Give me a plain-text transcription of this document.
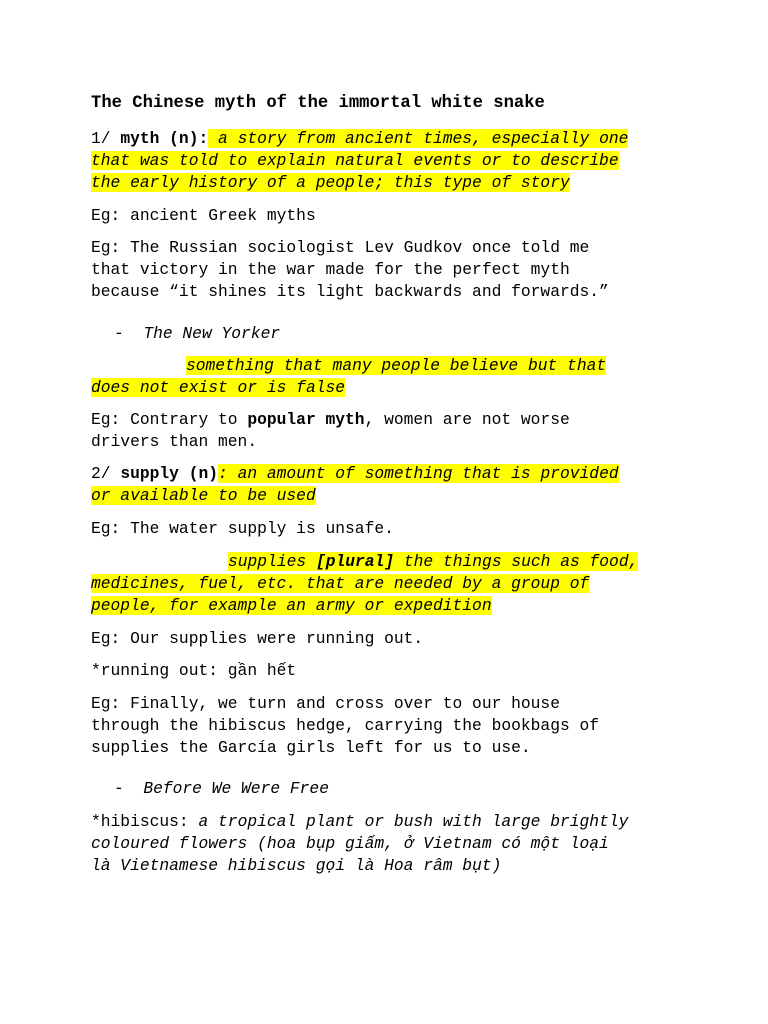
The Chinese myth of the immortal white snake
1/ myth (n): a story from ancient times, especially one
that was told to explain natural events or to describe
the early history of a people; this type of story
Eg: ancient Greek myths
Eg: The Russian sociologist Lev Gudkov once told me
that victory in the war made for the perfect myth
because “it shines its light backwards and forwards.”
- The New Yorker
something that many people believe but that
does not exist or is false
Eg: Contrary to popular myth, women are not worse
drivers than men.
2/ supply (n): an amount of something that is provided
or available to be used
Eg: The water supply is unsafe.
supplies [plural] the things such as food,
medicines, fuel, etc. that are needed by a group of
people, for example an army or expedition
Eg: Our supplies were running out.
*running out: gần hết
Eg: Finally, we turn and cross over to our house
through the hibiscus hedge, carrying the bookbags of
supplies the García girls left for us to use.
- Before We Were Free
*hibiscus: a tropical plant or bush with large brightly
coloured flowers (hoa bụp giấm, ở Vietnam có một loại
là Vietnamese hibiscus gọi là Hoa râm bụt)
